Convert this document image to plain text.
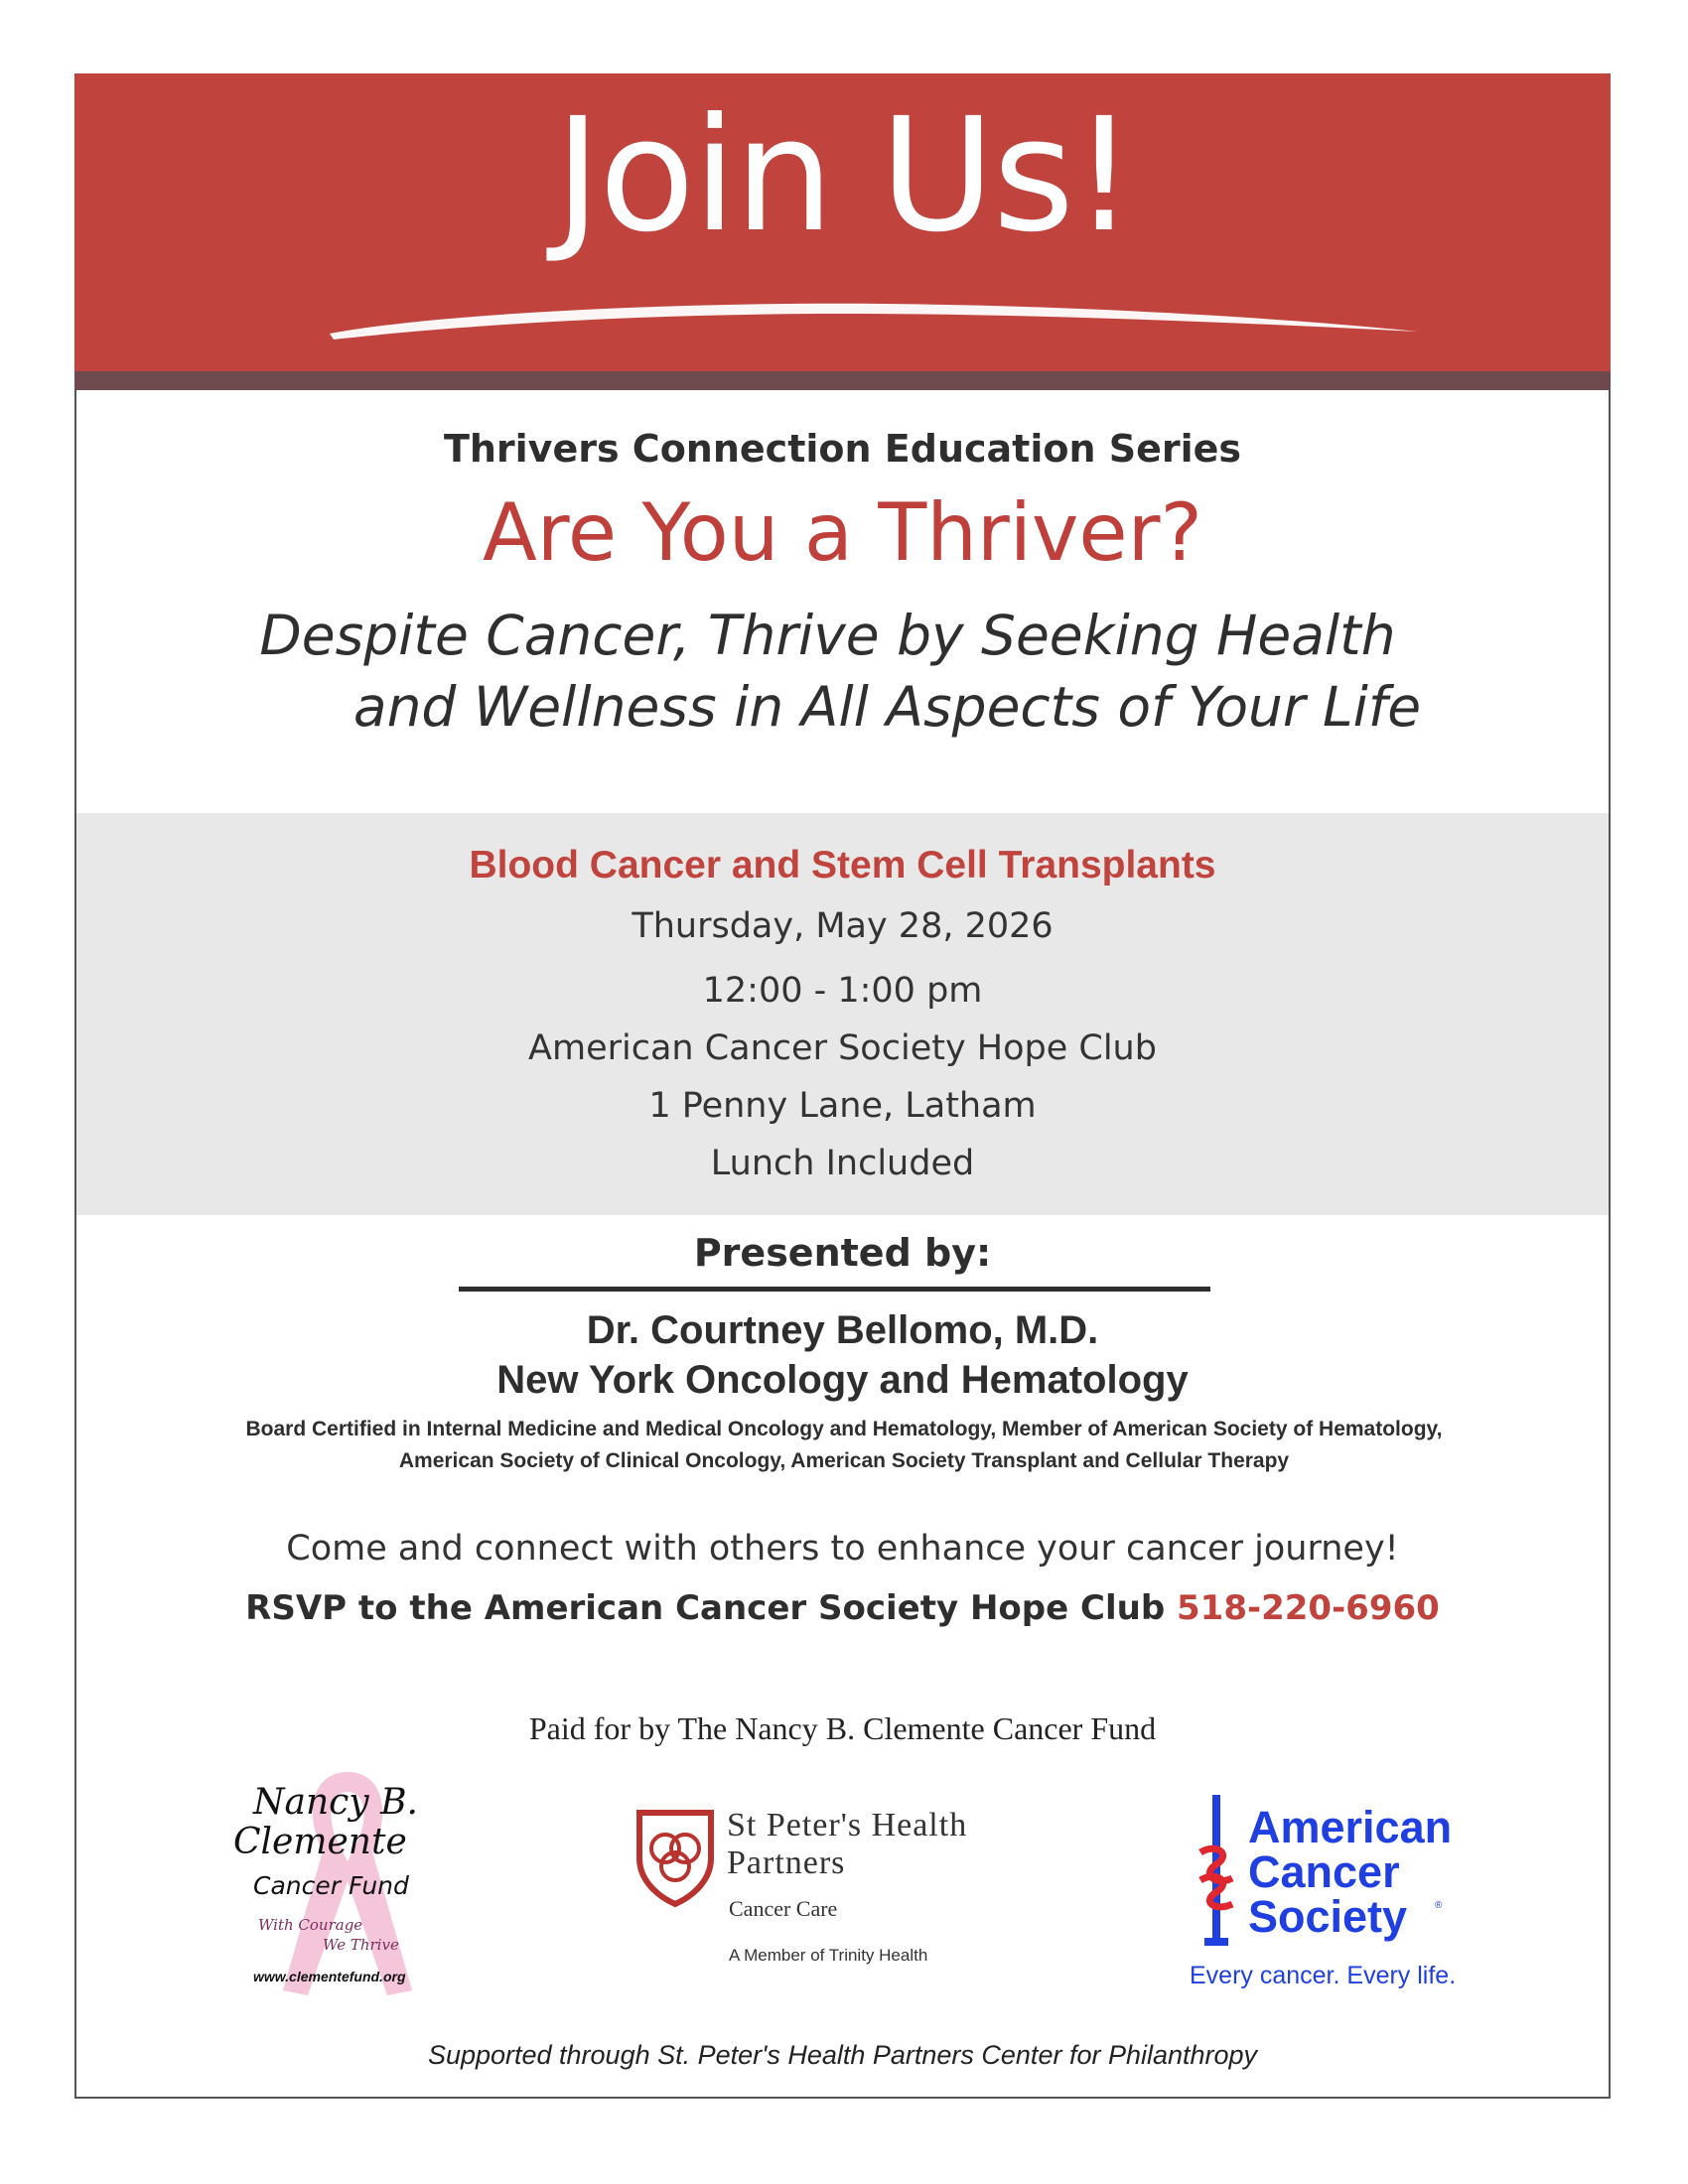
Join Us!
Thrivers Connection Education Series
Are You a Thriver?
Despite Cancer, Thrive by Seeking Health
and Wellness in All Aspects of Your Life
Blood Cancer and Stem Cell Transplants
Thursday, May 28, 2026
12:00 - 1:00 pm
American Cancer Society Hope Club
1 Penny Lane, Latham
Lunch Included
Presented by:
Dr. Courtney Bellomo, M.D.
New York Oncology and Hematology
Board Certified in Internal Medicine and Medical Oncology and Hematology, Member of American Society of Hematology, American Society of Clinical Oncology, American Society Transplant and Cellular Therapy
Come and connect with others to enhance your cancer journey!
RSVP to the American Cancer Society Hope Club 518-220-6960
Paid for by The Nancy B. Clemente Cancer Fund
Nancy B.
Clemente
Cancer Fund
With Courage
We Thrive
www.clementefund.org
St Peter's Health
Partners
Cancer Care
A Member of Trinity Health
American
Cancer
Society	®
Every cancer. Every life.
Supported through St. Peter's Health Partners Center for Philanthropy
